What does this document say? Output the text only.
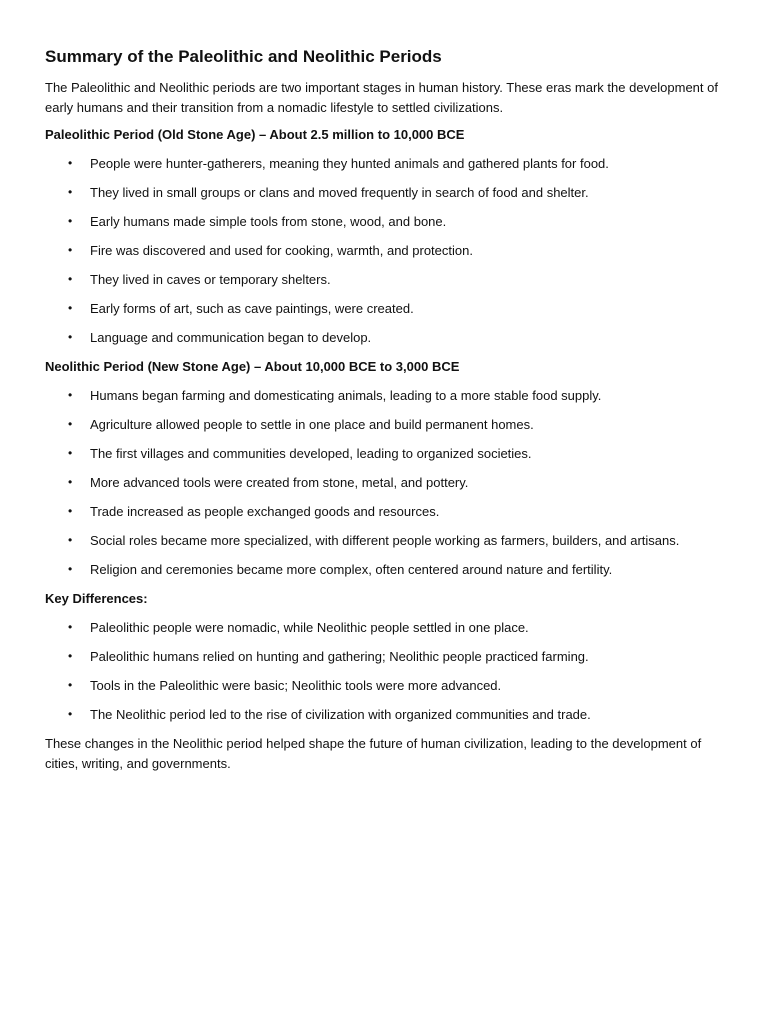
Summary of the Paleolithic and Neolithic Periods

The Paleolithic and Neolithic periods are two important stages in human history. These eras mark the development of early humans and their transition from a nomadic lifestyle to settled civilizations.

Paleolithic Period (Old Stone Age) – About 2.5 million to 10,000 BCE
• People were hunter-gatherers, meaning they hunted animals and gathered plants for food.
• They lived in small groups or clans and moved frequently in search of food and shelter.
• Early humans made simple tools from stone, wood, and bone.
• Fire was discovered and used for cooking, warmth, and protection.
• They lived in caves or temporary shelters.
• Early forms of art, such as cave paintings, were created.
• Language and communication began to develop.
Neolithic Period (New Stone Age) – About 10,000 BCE to 3,000 BCE
• Humans began farming and domesticating animals, leading to a more stable food supply.
• Agriculture allowed people to settle in one place and build permanent homes.
• The first villages and communities developed, leading to organized societies.
• More advanced tools were created from stone, metal, and pottery.
• Trade increased as people exchanged goods and resources.
• Social roles became more specialized, with different people working as farmers, builders, and artisans.
• Religion and ceremonies became more complex, often centered around nature and fertility.
Key Differences:
• Paleolithic people were nomadic, while Neolithic people settled in one place.
• Paleolithic humans relied on hunting and gathering; Neolithic people practiced farming.
• Tools in the Paleolithic were basic; Neolithic tools were more advanced.
• The Neolithic period led to the rise of civilization with organized communities and trade.

These changes in the Neolithic period helped shape the future of human civilization, leading to the development of cities, writing, and governments.
